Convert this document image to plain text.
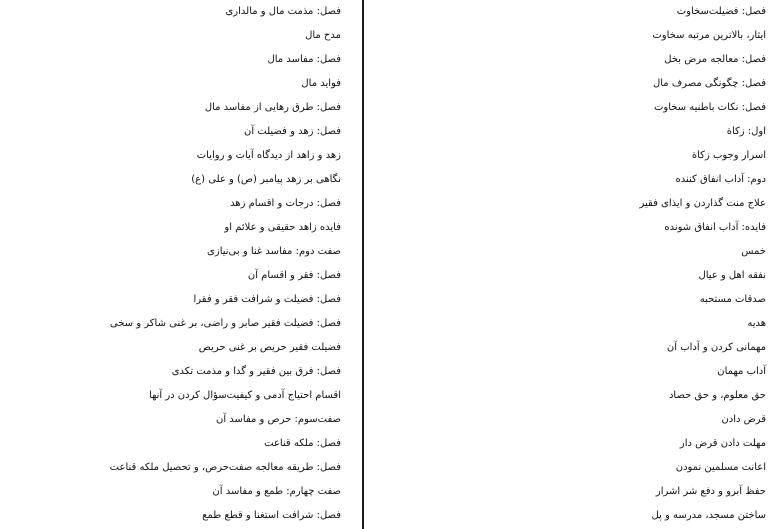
فصل: مذمت مال و مالداری
مدح مال
فصل: مفاسد مال
فواید مال
فصل: طرق رهایی از مفاسد مال
فصل: زهد و فضیلت آن
زهد و زاهد از دیدگاه آیات و روایات
نگاهی بر زهد پیامبر (ص) و علی (ع)
فصل: درجات و اقسام زهد
فایده زاهد حقیقی و علائم او
صفت دوم: مفاسد غنا و بی‌نیازی
فصل: فقر و اقسام آن
فصل: فضیلت و شرافت فقر و فقرا
فصل: فضیلت فقیر صابر و راضی، بر غنی شاکر و سخی
فضیلت فقیر حریص بر غنی حریص
فصل: فرق بین فقیر و گدا و مذمت تکدی
اقسام احتیاج آدمی و کیفیت‌سؤال کردن در آنها
صفت‌سوم: حرص و مفاسد آن
فصل: ملکه قناعت
فصل: طریقه معالجه صفت‌حرص، و تحصیل ملکه قناعت
صفت چهارم: طمع و مفاسد آن
فصل: شرافت استغنا و قطع طمع
فصل: فضیلت‌سخاوت
ایثار، بالاترین مرتبه سخاوت
فصل: معالجه مرض بخل
فصل: چگونگی مصرف مال
فصل: نکات باطنیه سخاوت
اول: زکاة
اسرار وجوب زکاة
دوم: آداب انفاق کننده
علاج منت گذاردن و ایذای فقیر
فایده: آداب انفاق شونده
خمس
نفقه اهل و عیال
صدقات مستحبه
هدیه
مهمانی کردن و آداب آن
آداب مهمان
حق معلوم، و حق حصاد
قرض دادن
مهلت دادن قرض دار
اعانت مسلمین نمودن
حفظ آبرو و دفع شر اشرار
ساختن مسجد، مدرسه و پل
